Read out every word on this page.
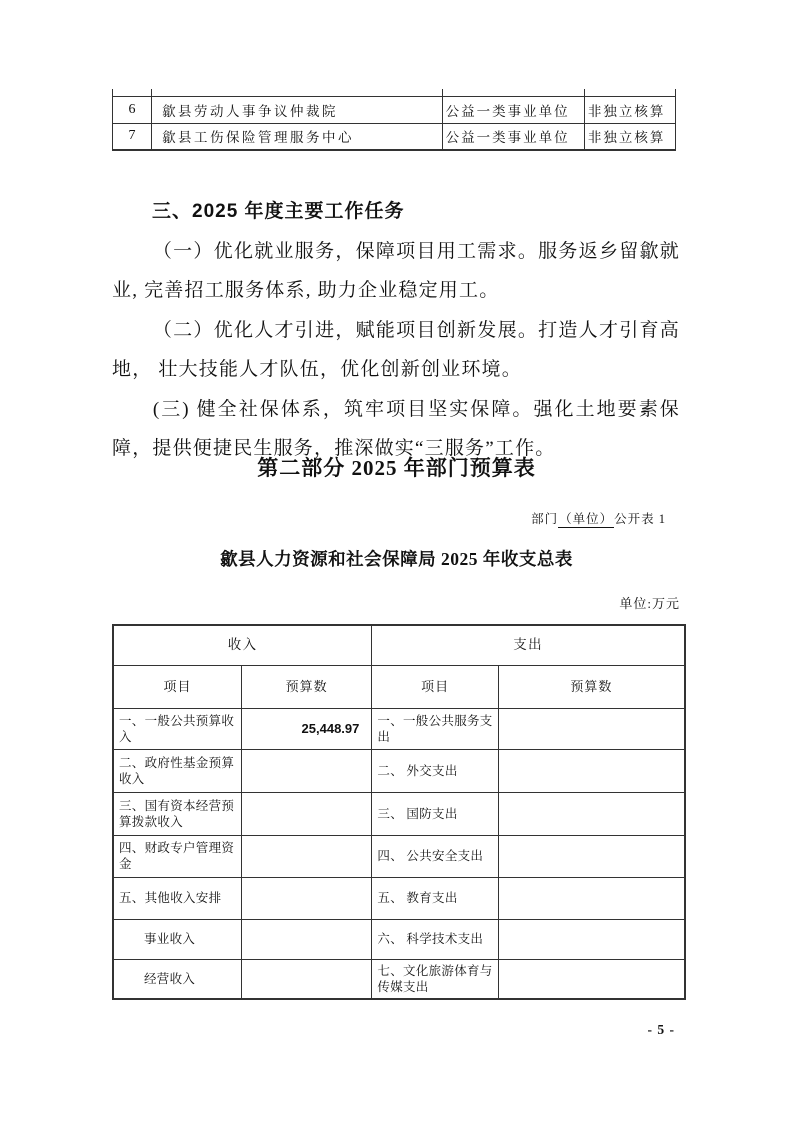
6	歙县劳动人事争议仲裁院	公益一类事业单位	非独立核算
7	歙县工伤保险管理服务中心	公益一类事业单位	非独立核算
三、2025 年度主要工作任务

（一）优化就业服务，保障项目用工需求。服务返乡留歙就业, 完善招工服务体系, 助力企业稳定用工。

（二）优化人才引进，赋能项目创新发展。打造人才引育高地， 壮大技能人才队伍，优化创新创业环境。

(三) 健全社保体系，筑牢项目坚实保障。强化土地要素保障，提供便捷民生服务，推深做实“三服务”工作。

第二部分 2025 年部门预算表
部门（单位）公开表 1
歙县人力资源和社会保障局 2025 年收支总表
单位:万元
收入		支出	
项目	预算数	项目	预算数
一、一般公共预算收入	25,448.97	一、一般公共服务支出	
二、政府性基金预算收入		二、 外交支出	
三、国有资本经营预算拨款收入		三、 国防支出	
四、财政专户管理资金		四、 公共安全支出	
五、其他收入安排		五、 教育支出	
事业收入		六、 科学技术支出	
经营收入		七、文化旅游体育与传媒支出	
- 5 -
